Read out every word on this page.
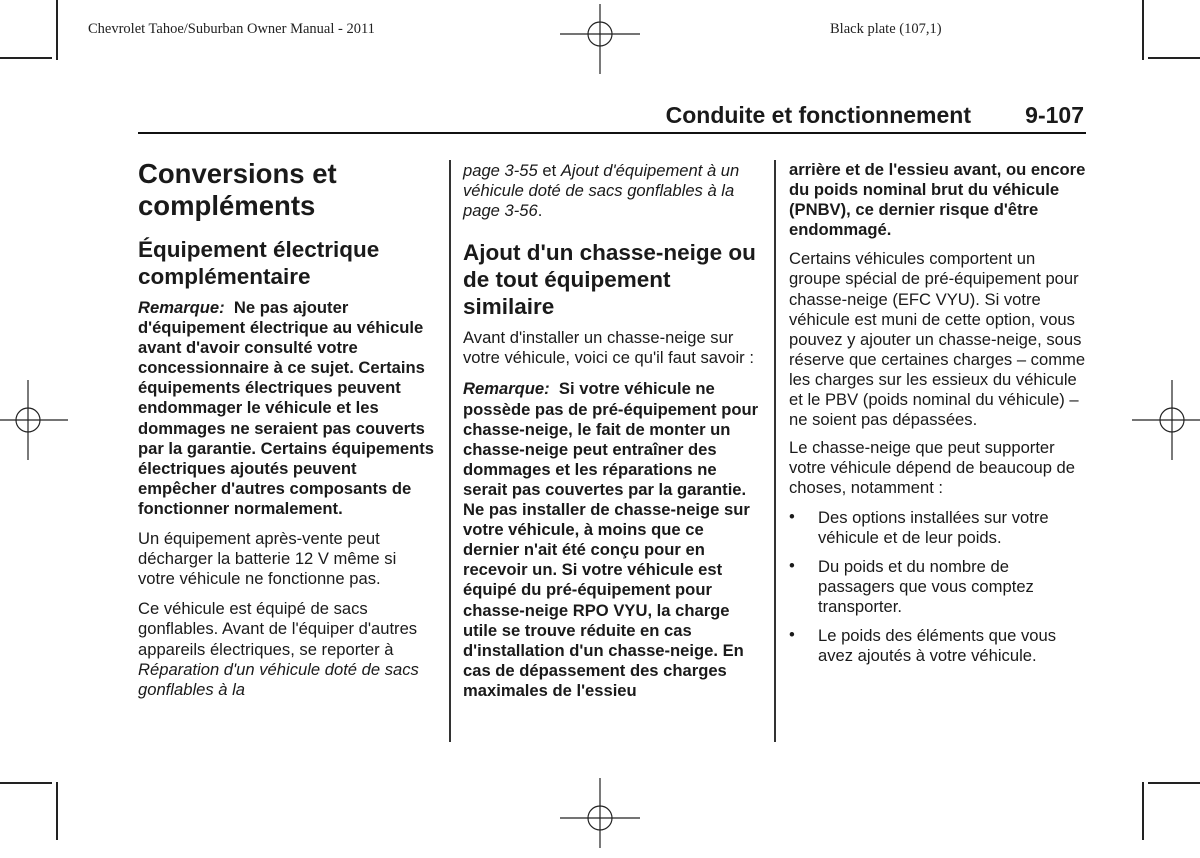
Chevrolet Tahoe/Suburban Owner Manual - 2011	Black plate (107,1)
Conduite et fonctionnement 9-107
Conversions et compléments
Équipement électrique complémentaire

Remarque: Ne pas ajouter d'équipement électrique au véhicule avant d'avoir consulté votre concessionnaire à ce sujet. Certains équipements électriques peuvent endommager le véhicule et les dommages ne seraient pas couverts par la garantie. Certains équipements électriques ajoutés peuvent empêcher d'autres composants de fonctionner normalement.

Un équipement après-vente peut décharger la batterie 12 V même si votre véhicule ne fonctionne pas.

Ce véhicule est équipé de sacs gonflables. Avant de l'équiper d'autres appareils électriques, se reporter à Réparation d'un véhicule doté de sacs gonflables à la

page 3-55 et Ajout d'équipement à un véhicule doté de sacs gonflables à la page 3-56.

Ajout d'un chasse-neige ou de tout équipement similaire

Avant d'installer un chasse-neige sur votre véhicule, voici ce qu'il faut savoir :

Remarque: Si votre véhicule ne possède pas de pré-équipement pour chasse-neige, le fait de monter un chasse-neige peut entraîner des dommages et les réparations ne serait pas couvertes par la garantie. Ne pas installer de chasse-neige sur votre véhicule, à moins que ce dernier n'ait été conçu pour en recevoir un. Si votre véhicule est équipé du pré-équipement pour chasse-neige RPO VYU, la charge utile se trouve réduite en cas d'installation d'un chasse-neige. En cas de dépassement des charges maximales de l'essieu

arrière et de l'essieu avant, ou encore du poids nominal brut du véhicule (PNBV), ce dernier risque d'être endommagé.

Certains véhicules comportent un groupe spécial de pré-équipement pour chasse-neige (EFC VYU). Si votre véhicule est muni de cette option, vous pouvez y ajouter un chasse-neige, sous réserve que certaines charges – comme les charges sur les essieux du véhicule et le PBV (poids nominal du véhicule) – ne soient pas dépassées.

Le chasse-neige que peut supporter votre véhicule dépend de beaucoup de choses, notamment :

• Des options installées sur votre véhicule et de leur poids.
• Du poids et du nombre de passagers que vous comptez transporter.
• Le poids des éléments que vous avez ajoutés à votre véhicule.
